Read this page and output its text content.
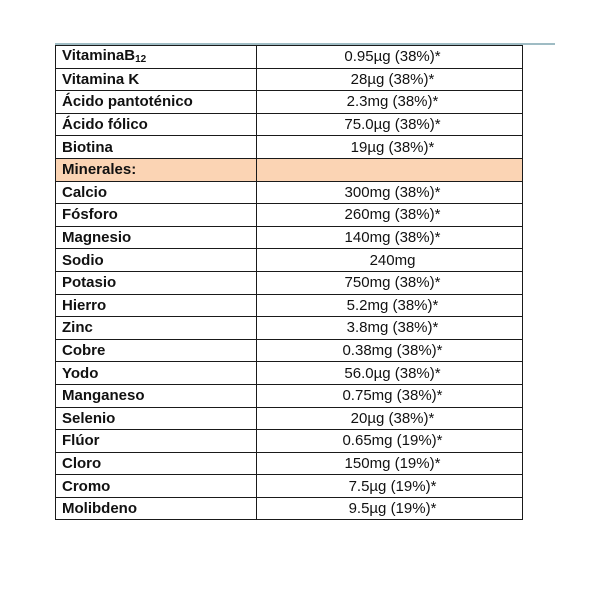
VitaminaB$_{12}$	0.95µg (38%)*
Vitamina K	28µg (38%)*
Ácido pantoténico	2.3mg (38%)*
Ácido fólico	75.0µg (38%)*
Biotina	19µg (38%)*
Minerales:	
Calcio	300mg (38%)*
Fósforo	260mg (38%)*
Magnesio	140mg (38%)*
Sodio	240mg
Potasio	750mg (38%)*
Hierro	5.2mg (38%)*
Zinc	3.8mg (38%)*
Cobre	0.38mg (38%)*
Yodo	56.0µg (38%)*
Manganeso	0.75mg (38%)*
Selenio	20µg (38%)*
Flúor	0.65mg (19%)*
Cloro	150mg (19%)*
Cromo	7.5µg (19%)*
Molibdeno	9.5µg (19%)*
